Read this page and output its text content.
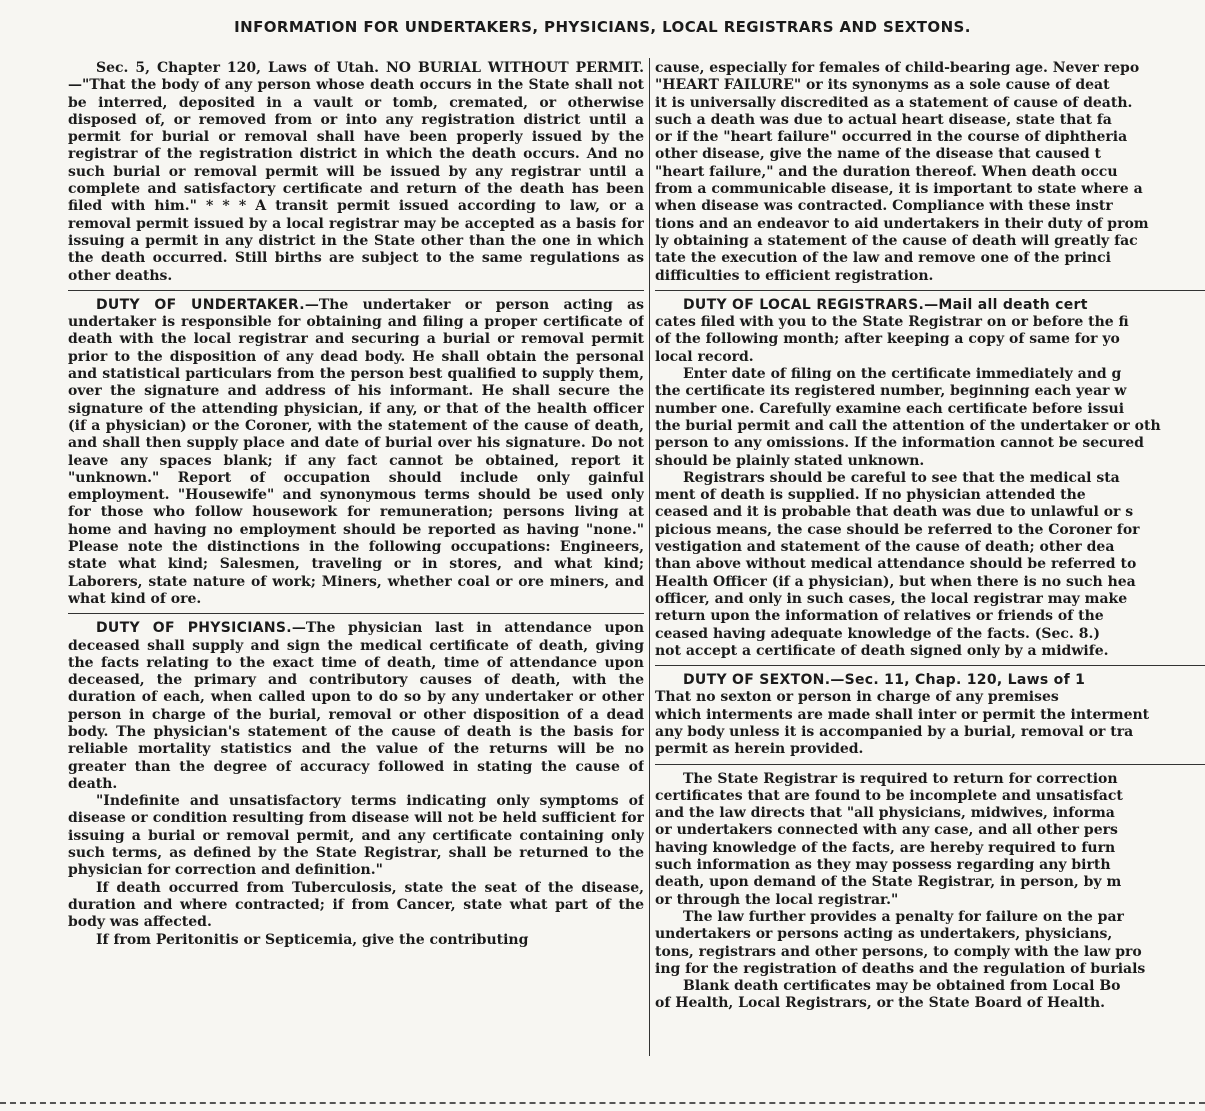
INFORMATION FOR UNDERTAKERS, PHYSICIANS, LOCAL REGISTRARS AND SEXTONS.

Sec. 5, Chapter 120, Laws of Utah. NO BURIAL WITHOUT PERMIT.—"That the body of any person whose death occurs in the State shall not be interred, deposited in a vault or tomb, cremated, or otherwise disposed of, or removed from or into any registration district until a permit for burial or removal shall have been properly issued by the registrar of the registration district in which the death occurs. And no such burial or removal permit will be issued by any registrar until a complete and satisfactory certificate and return of the death has been filed with him." * * * A transit permit issued according to law, or a removal permit issued by a local registrar may be accepted as a basis for issuing a permit in any district in the State other than the one in which the death occurred. Still births are subject to the same regulations as other deaths.

DUTY OF UNDERTAKER.—The undertaker or person acting as undertaker is responsible for obtaining and filing a proper certificate of death with the local registrar and securing a burial or removal permit prior to the disposition of any dead body. He shall obtain the personal and statistical particulars from the person best qualified to supply them, over the signature and address of his informant. He shall secure the signature of the attending physician, if any, or that of the health officer (if a physician) or the Coroner, with the statement of the cause of death, and shall then supply place and date of burial over his signature. Do not leave any spaces blank; if any fact cannot be obtained, report it "unknown." Report of occupation should include only gainful employment. "Housewife" and synonymous terms should be used only for those who follow housework for remuneration; persons living at home and having no employment should be reported as having "none." Please note the distinctions in the following occupations: Engineers, state what kind; Salesmen, traveling or in stores, and what kind; Laborers, state nature of work; Miners, whether coal or ore miners, and what kind of ore.

DUTY OF PHYSICIANS.—The physician last in attendance upon deceased shall supply and sign the medical certificate of death, giving the facts relating to the exact time of death, time of attendance upon deceased, the primary and contributory causes of death, with the duration of each, when called upon to do so by any undertaker or other person in charge of the burial, removal or other disposition of a dead body. The physician's statement of the cause of death is the basis for reliable mortality statistics and the value of the returns will be no greater than the degree of accuracy followed in stating the cause of death.

"Indefinite and unsatisfactory terms indicating only symptoms of disease or condition resulting from disease will not be held sufficient for issuing a burial or removal permit, and any certificate containing only such terms, as defined by the State Registrar, shall be returned to the physician for correction and definition."

If death occurred from Tuberculosis, state the seat of the disease, duration and where contracted; if from Cancer, state what part of the body was affected.

If from Peritonitis or Septicemia, give the contributing

cause, especially for females of child-bearing age. Never repo

"HEART FAILURE" or its synonyms as a sole cause of deat

it is universally discredited as a statement of cause of death.

such a death was due to actual heart disease, state that fa

or if the "heart failure" occurred in the course of diphtheria

other disease, give the name of the disease that caused t

"heart failure," and the duration thereof. When death occu

from a communicable disease, it is important to state where a

when disease was contracted. Compliance with these instr

tions and an endeavor to aid undertakers in their duty of prom

ly obtaining a statement of the cause of death will greatly fac

tate the execution of the law and remove one of the princi

difficulties to efficient registration.

DUTY OF LOCAL REGISTRARS.—Mail all death cert

cates filed with you to the State Registrar on or before the fi

of the following month; after keeping a copy of same for yo

local record.

Enter date of filing on the certificate immediately and g

the certificate its registered number, beginning each year w

number one. Carefully examine each certificate before issui

the burial permit and call the attention of the undertaker or oth

person to any omissions. If the information cannot be secured

should be plainly stated unknown.

Registrars should be careful to see that the medical sta

ment of death is supplied. If no physician attended the

ceased and it is probable that death was due to unlawful or s

picious means, the case should be referred to the Coroner for

vestigation and statement of the cause of death; other dea

than above without medical attendance should be referred to

Health Officer (if a physician), but when there is no such hea

officer, and only in such cases, the local registrar may make

return upon the information of relatives or friends of the

ceased having adequate knowledge of the facts. (Sec. 8.)

not accept a certificate of death signed only by a midwife.

DUTY OF SEXTON.—Sec. 11, Chap. 120, Laws of 1

That no sexton or person in charge of any premises

which interments are made shall inter or permit the interment

any body unless it is accompanied by a burial, removal or tra

permit as herein provided.

The State Registrar is required to return for correction

certificates that are found to be incomplete and unsatisfact

and the law directs that "all physicians, midwives, informa

or undertakers connected with any case, and all other pers

having knowledge of the facts, are hereby required to furn

such information as they may possess regarding any birth

death, upon demand of the State Registrar, in person, by m

or through the local registrar."

The law further provides a penalty for failure on the par

undertakers or persons acting as undertakers, physicians,

tons, registrars and other persons, to comply with the law pro

ing for the registration of deaths and the regulation of burials

Blank death certificates may be obtained from Local Bo

of Health, Local Registrars, or the State Board of Health.
